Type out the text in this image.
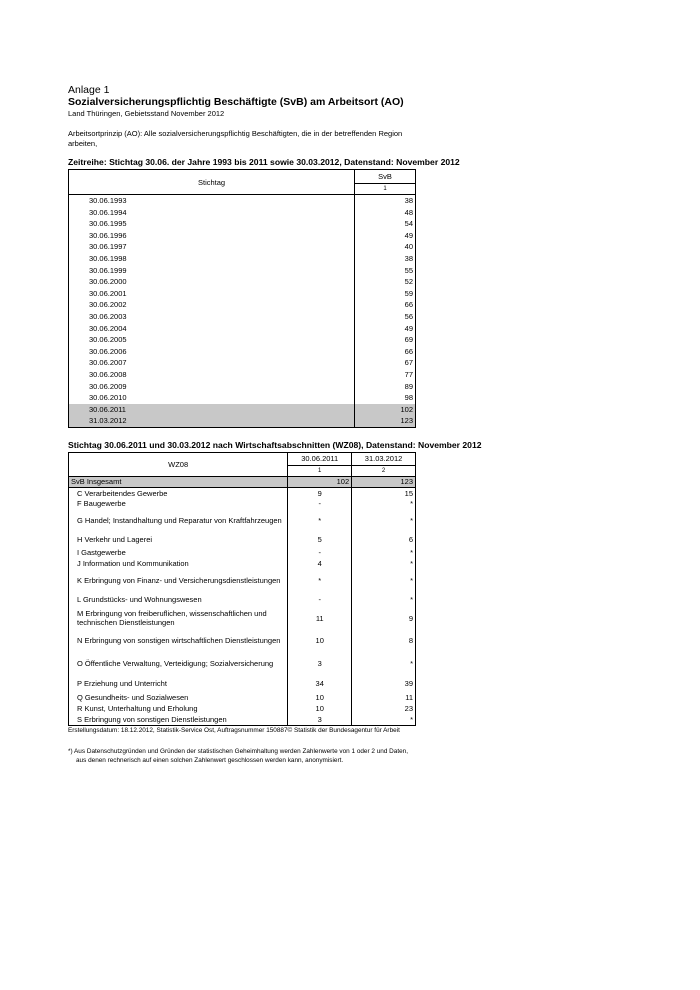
Anlage 1
Sozialversicherungspflichtig Beschäftigte (SvB) am Arbeitsort (AO)
Land Thüringen, Gebietsstand November 2012
Arbeitsortprinzip (AO): Alle sozialversicherungspflichtig Beschäftigten, die in der betreffenden Region arbeiten,
Zeitreihe: Stichtag 30.06. der Jahre 1993 bis 2011 sowie 30.03.2012, Datenstand: November 2012
Stichtag	SvB
	1
30.06.1993	38
30.06.1994	48
30.06.1995	54
30.06.1996	49
30.06.1997	40
30.06.1998	38
30.06.1999	55
30.06.2000	52
30.06.2001	59
30.06.2002	66
30.06.2003	56
30.06.2004	49
30.06.2005	69
30.06.2006	66
30.06.2007	67
30.06.2008	77
30.06.2009	89
30.06.2010	98
30.06.2011	102
31.03.2012	123
Stichtag 30.06.2011 und 30.03.2012 nach Wirtschaftsabschnitten (WZ08), Datenstand: November 2012
WZ08	30.06.2011	31.03.2012
	1	2
SvB Insgesamt	102	123
C Verarbeitendes Gewerbe	9	15
F Baugewerbe	-	*
G Handel; Instandhaltung und Reparatur von Kraftfahrzeugen	*	*
H Verkehr und Lagerei	5	6
I Gastgewerbe	-	*
J Information und Kommunikation	4	*
K Erbringung von Finanz- und Versicherungsdienstleistungen	*	*
L Grundstücks- und Wohnungswesen	-	*
M Erbringung von freiberuflichen, wissenschaftlichen und technischen Dienstleistungen	11	9
N Erbringung von sonstigen wirtschaftlichen Dienstleistungen	10	8
O Öffentliche Verwaltung, Verteidigung; Sozialversicherung	3	*
P Erziehung und Unterricht	34	39
Q Gesundheits- und Sozialwesen	10	11
R Kunst, Unterhaltung und Erholung	10	23
S Erbringung von sonstigen Dienstleistungen	3	*
Erstellungsdatum: 18.12.2012, Statistik-Service Ost, Auftragsnummer 150887© Statistik der Bundesagentur für Arbeit
*) Aus Datenschutzgründen und Gründen der statistischen Geheimhaltung werden Zahlenwerte von 1 oder 2 und Daten,
aus denen rechnerisch auf einen solchen Zahlenwert geschlossen werden kann, anonymisiert.
